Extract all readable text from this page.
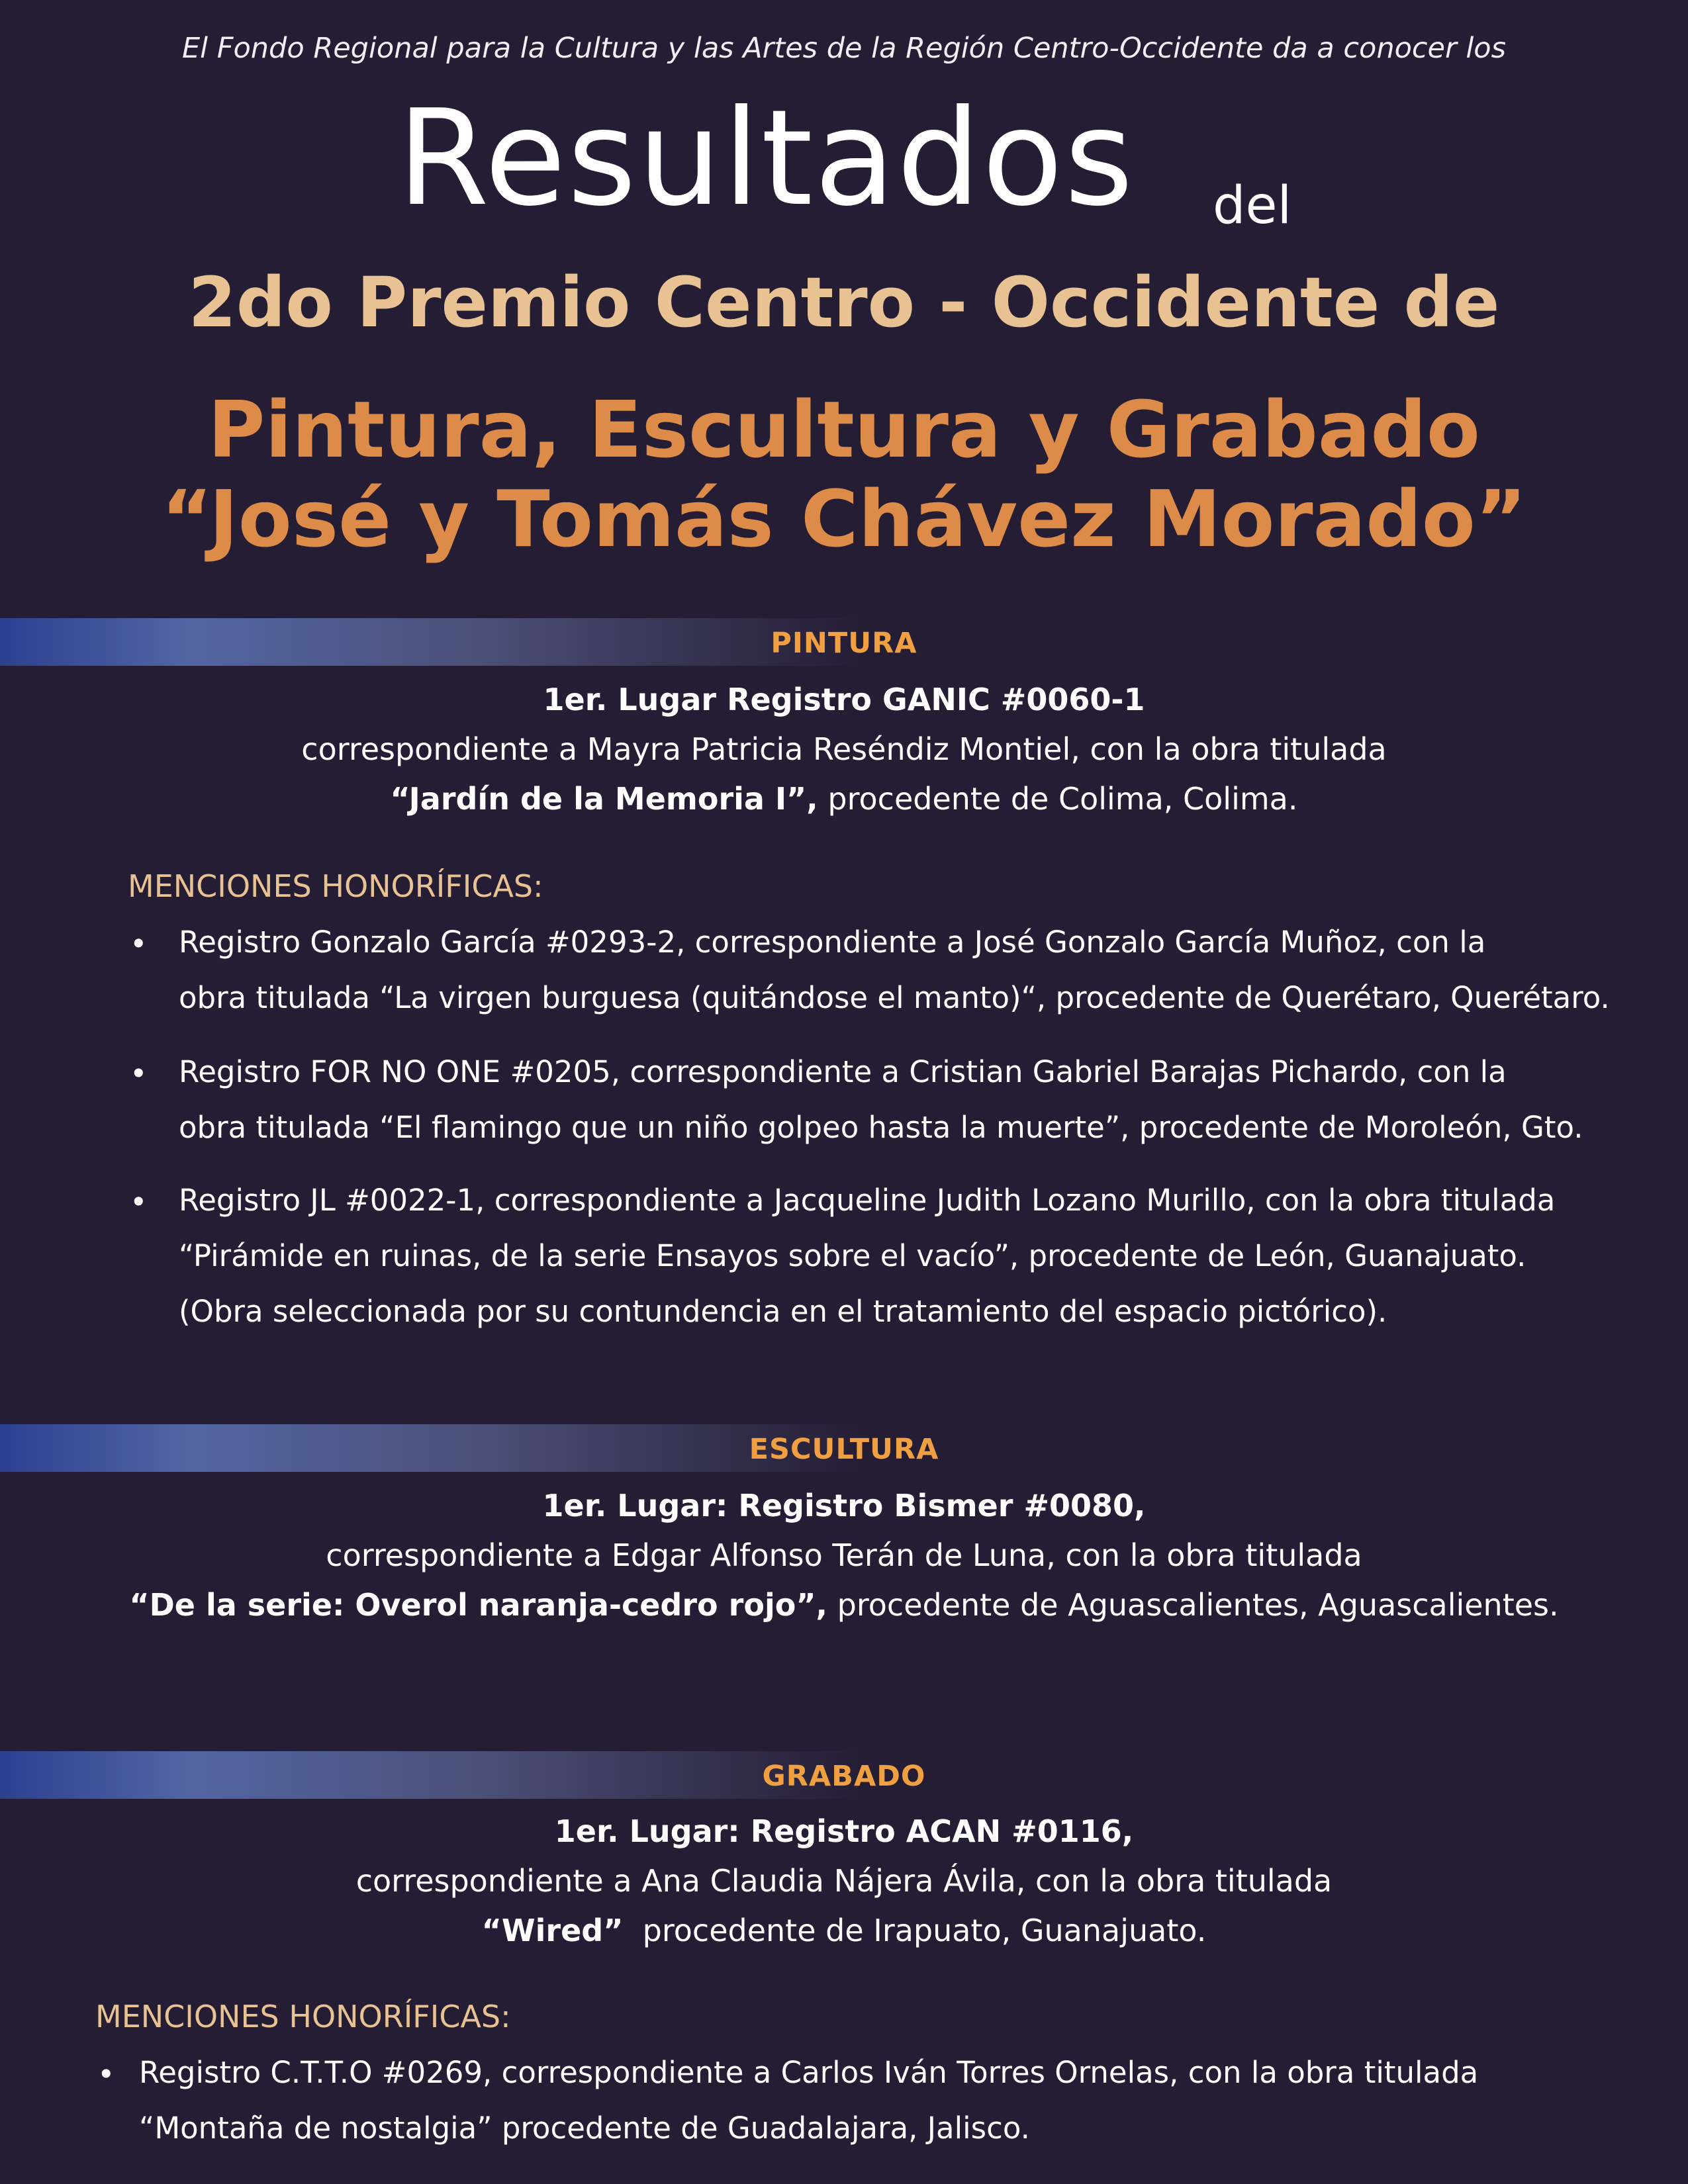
El Fondo Regional para la Cultura y las Artes de la Región Centro-Occidente da a conocer los
Resultados del
2do Premio Centro - Occidente de
Pintura, Escultura y Grabado
“José y Tomás Chávez Morado”
PINTURA
1er. Lugar Registro GANIC #0060-1
correspondiente a Mayra Patricia Reséndiz Montiel, con la obra titulada
“Jardín de la Memoria I”, procedente de Colima, Colima.
MENCIONES HONORÍFICAS:
• Registro Gonzalo García #0293-2, correspondiente a José Gonzalo García Muñoz, con la
obra titulada “La virgen burguesa (quitándose el manto)“, procedente de Querétaro, Querétaro.
• Registro FOR NO ONE #0205, correspondiente a Cristian Gabriel Barajas Pichardo, con la
obra titulada “El flamingo que un niño golpeo hasta la muerte”, procedente de Moroleón, Gto.
• Registro JL #0022-1, correspondiente a Jacqueline Judith Lozano Murillo, con la obra titulada
“Pirámide en ruinas, de la serie Ensayos sobre el vacío”, procedente de León, Guanajuato.
(Obra seleccionada por su contundencia en el tratamiento del espacio pictórico).
ESCULTURA
1er. Lugar: Registro Bismer #0080,
correspondiente a Edgar Alfonso Terán de Luna, con la obra titulada
“De la serie: Overol naranja-cedro rojo”, procedente de Aguascalientes, Aguascalientes.
GRABADO
1er. Lugar: Registro ACAN #0116,
correspondiente a Ana Claudia Nájera Ávila, con la obra titulada
“Wired”  procedente de Irapuato, Guanajuato.
MENCIONES HONORÍFICAS:
• Registro C.T.T.O #0269, correspondiente a Carlos Iván Torres Ornelas, con la obra titulada
“Montaña de nostalgia” procedente de Guadalajara, Jalisco.
